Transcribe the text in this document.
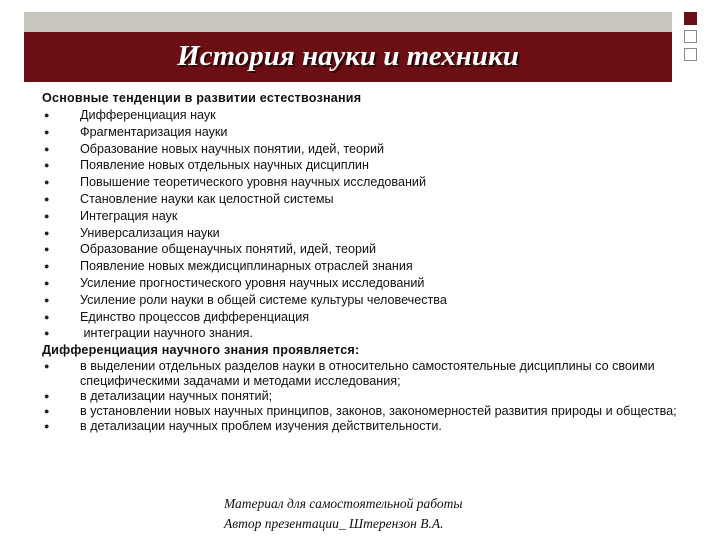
История науки и техники
Основные тенденции в развитии естествознания
● Дифференциация наук
● Фрагментаризация науки
● Образование новых научных понятии, идей, теорий
● Появление новых отдельных научных дисциплин
● Повышение теоретического уровня научных исследований
● Становление науки как целостной системы
● Интеграция наук
● Универсализация науки
● Образование общенаучных понятий, идей, теорий
● Появление новых междисциплинарных отраслей знания
● Усиление прогностического уровня научных исследований
● Усиление роли науки в общей системе культуры человечества
● Единство процессов дифференциация
● интеграции научного знания.
Дифференциация научного знания проявляется:
● в выделении отдельных разделов науки в относительно самостоятельные дисциплины со своими специфическими задачами и методами исследования;
● в детализации научных понятий;
● в установлении новых научных принципов, законов, закономерностей развития природы и общества;
● в детализации научных проблем изучения действительности.
Материал для самостоятельной работы
Автор презентации_ Штерензон В.А.
